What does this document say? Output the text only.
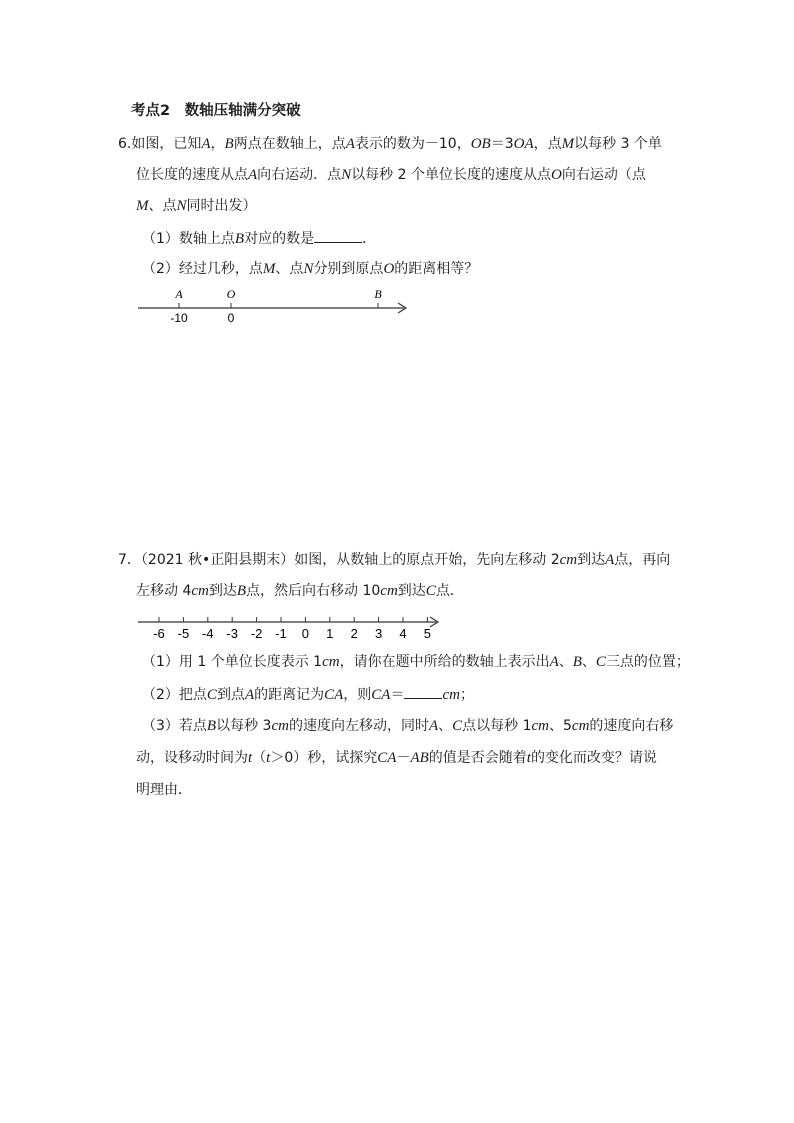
考点2　数轴压轴满分突破
6.如图，已知A，B两点在数轴上，点A表示的数为－10，OB＝3OA，点M以每秒 3 个单
位长度的速度从点A向右运动．点N以每秒 2 个单位长度的速度从点O向右运动（点
M、点N同时出发）
（1）数轴上点B对应的数是	．
（2）经过几秒，点M、点N分别到原点O的距离相等？
A	O	B
-10	0
7．（2021 秋•正阳县期末）如图，从数轴上的原点开始，先向左移动 2cm到达A点，再向
左移动 4cm到达B点，然后向右移动 10cm到达C点．
-6 -5 -4 -3 -2 -1 0 1 2 3 4 5
（1）用 1 个单位长度表示 1cm，请你在题中所给的数轴上表示出A、B、C三点的位置；
（2）把点C到点A的距离记为CA，则CA＝	cm；
（3）若点B以每秒 3cm的速度向左移动，同时A、C点以每秒 1cm、5cm的速度向右移
动，设移动时间为t（t＞0）秒，试探究CA－AB的值是否会随着t的变化而改变？请说
明理由．
